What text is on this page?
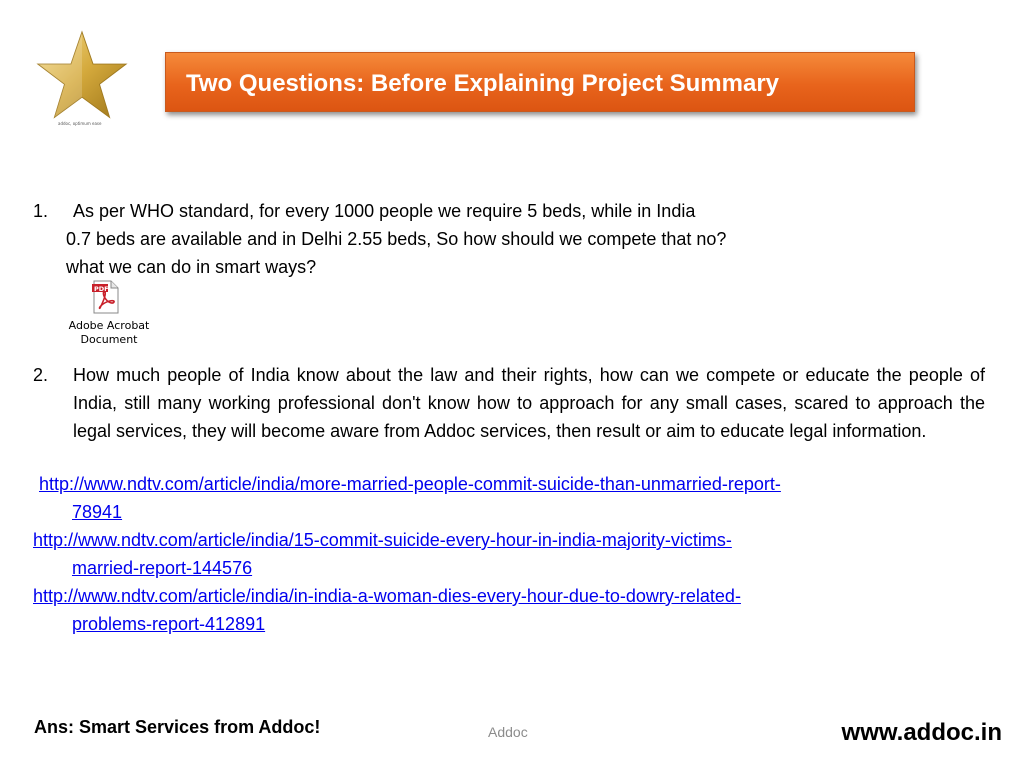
addoc, optimum ease
Two Questions: Before Explaining Project Summary
1. As per WHO standard, for every 1000 people we require 5 beds, while in India
0.7 beds are available and in Delhi 2.55 beds, So how should we compete that no?
what we can do in smart ways?
PDF
Adobe Acrobat
Document
2. How much people of India know about the law and their rights, how can we compete or educate the people of India, still many working professional don't know how to approach for any small cases, scared to approach the legal services, they will become aware from Addoc services, then result or aim to educate legal information.
http://www.ndtv.com/article/india/more-married-people-commit-suicide-than-unmarried-report-
78941
http://www.ndtv.com/article/india/15-commit-suicide-every-hour-in-india-majority-victims-
married-report-144576
http://www.ndtv.com/article/india/in-india-a-woman-dies-every-hour-due-to-dowry-related-
problems-report-412891
Ans: Smart Services from Addoc!	Addoc	www.addoc.in
